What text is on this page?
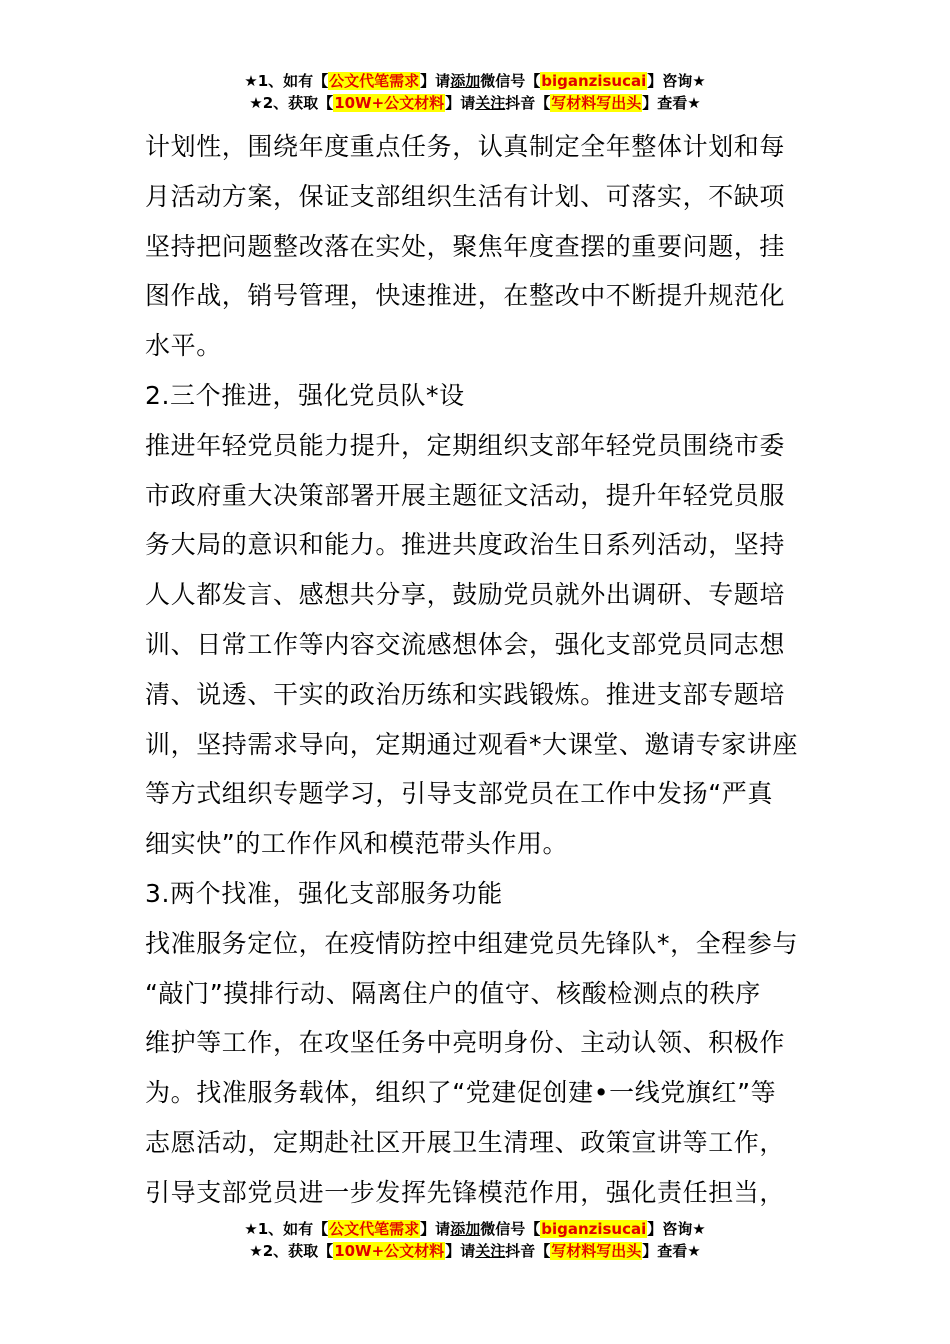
★1、如有【公文代笔需求】请添加微信号【biganzisucai】咨询★
★2、获取【10W+公文材料】请关注抖音【写材料写出头】查看★

计划性，围绕年度重点任务，认真制定全年整体计划和每

月活动方案，保证支部组织生活有计划、可落实，不缺项

坚持把问题整改落在实处，聚焦年度查摆的重要问题，挂

图作战，销号管理，快速推进，在整改中不断提升规范化

水平。

2.三个推进，强化党员队*设

推进年轻党员能力提升，定期组织支部年轻党员围绕市委

市政府重大决策部署开展主题征文活动，提升年轻党员服

务大局的意识和能力。推进共度政治生日系列活动，坚持

人人都发言、感想共分享，鼓励党员就外出调研、专题培

训、日常工作等内容交流感想体会，强化支部党员同志想

清、说透、干实的政治历练和实践锻炼。推进支部专题培

训，坚持需求导向，定期通过观看*大课堂、邀请专家讲座

等方式组织专题学习，引导支部党员在工作中发扬“严真

细实快”的工作作风和模范带头作用。

3.两个找准，强化支部服务功能

找准服务定位，在疫情防控中组建党员先锋队*，全程参与

“敲门”摸排行动、隔离住户的值守、核酸检测点的秩序

维护等工作，在攻坚任务中亮明身份、主动认领、积极作

为。找准服务载体，组织了“党建促创建•一线党旗红”等

志愿活动，定期赴社区开展卫生清理、政策宣讲等工作，

引导支部党员进一步发挥先锋模范作用，强化责任担当，

★1、如有【公文代笔需求】请添加微信号【biganzisucai】咨询★
★2、获取【10W+公文材料】请关注抖音【写材料写出头】查看★
